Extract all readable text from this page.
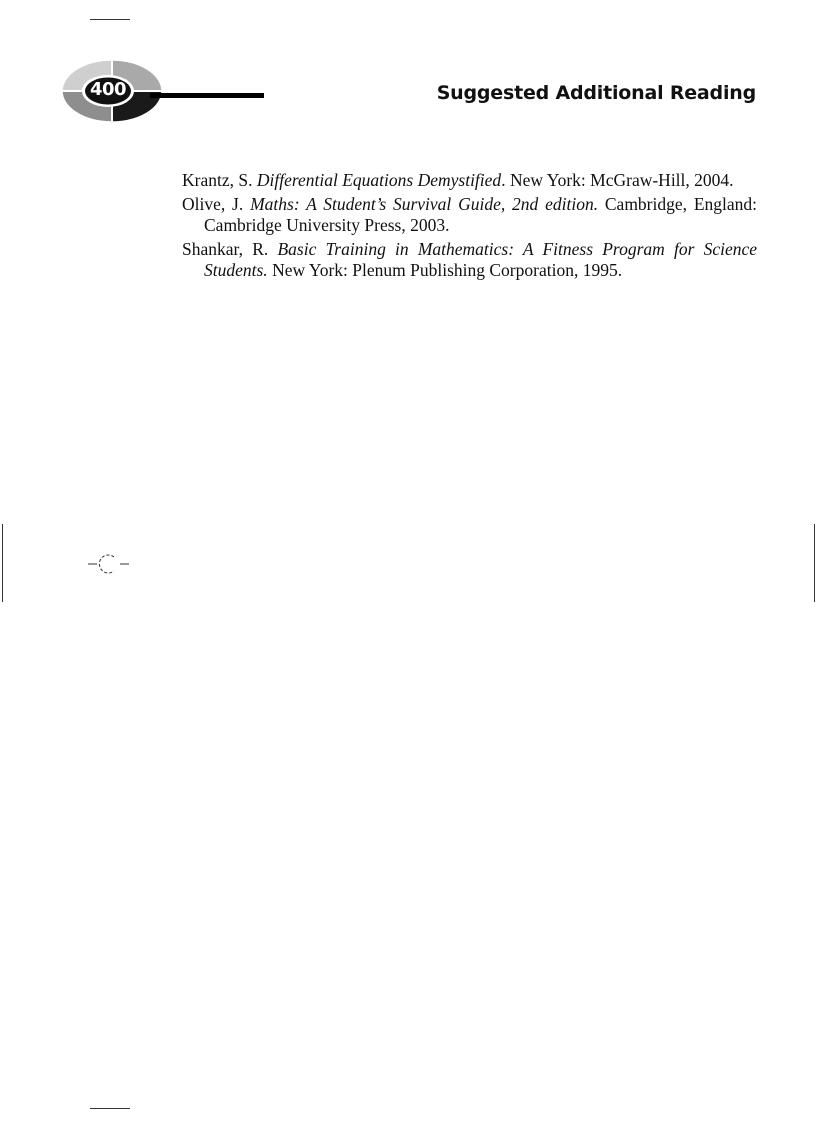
400	Suggested Additional Reading
Krantz, S. Differential Equations Demystified. New York: McGraw-Hill, 2004.
Olive, J. Maths: A Student’s Survival Guide, 2nd edition. Cambridge, England: Cambridge University Press, 2003.
Shankar, R. Basic Training in Mathematics: A Fitness Program for Science Students. New York: Plenum Publishing Corporation, 1995.
